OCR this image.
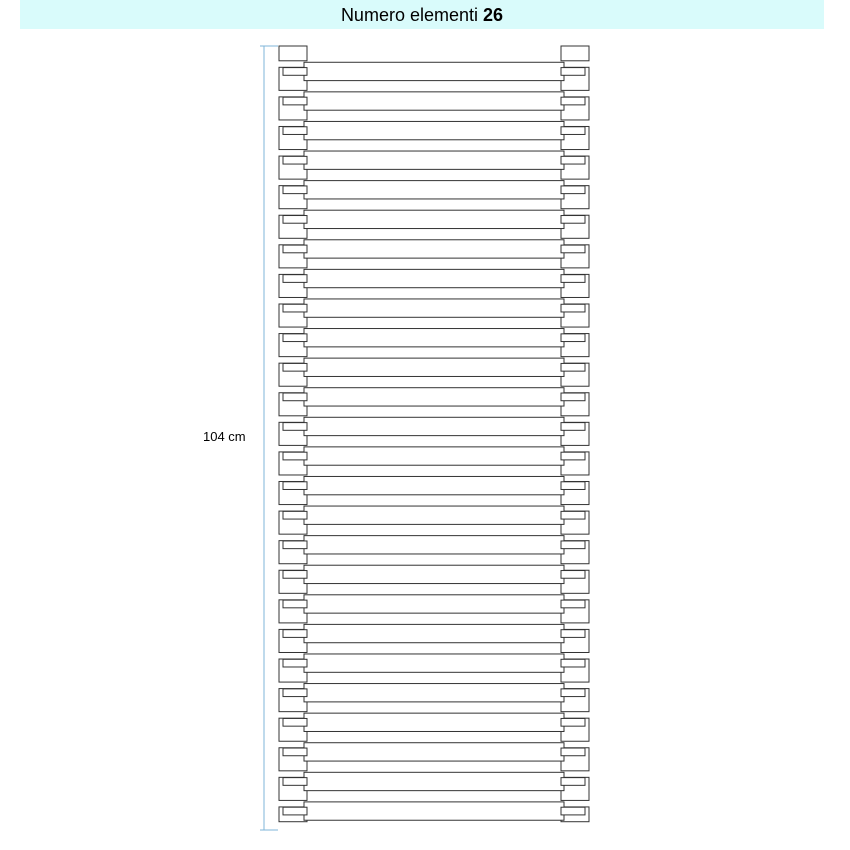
Numero elementi 26
104 cm
